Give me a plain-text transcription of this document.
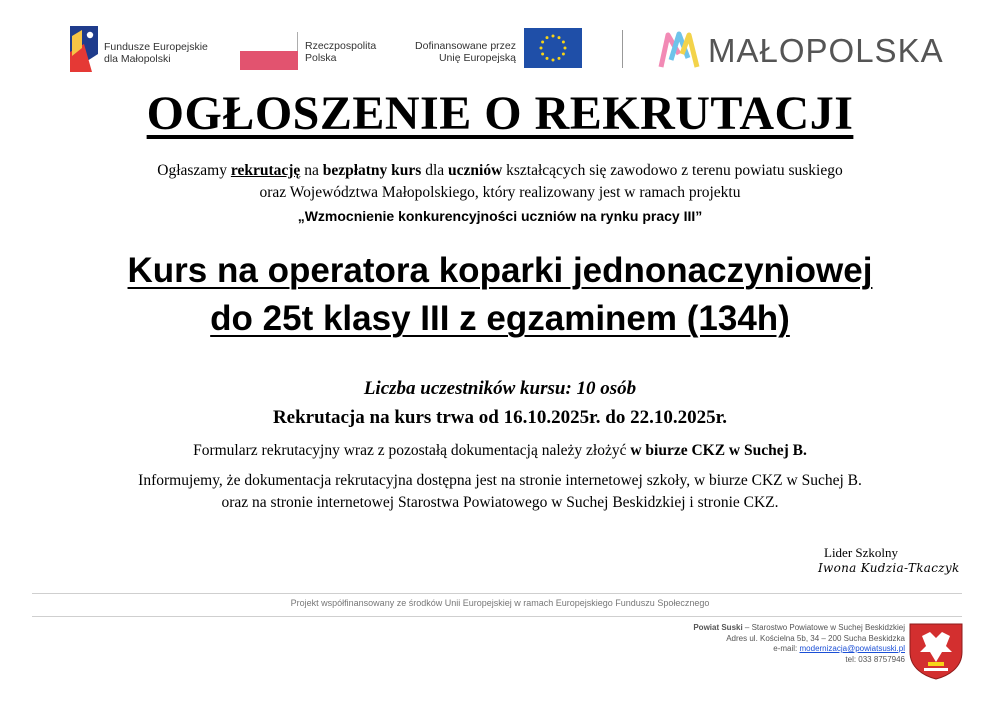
Fundusze Europejskie
dla Małopolski
Rzeczpospolita
Polska
Dofinansowane przez
Unię Europejską	MAŁOPOLSKA
OGŁOSZENIE O REKRUTACJI
Ogłaszamy rekrutację na bezpłatny kurs dla uczniów kształcących się zawodowo z terenu powiatu suskiego
oraz Województwa Małopolskiego, który realizowany jest w ramach projektu
„Wzmocnienie konkurencyjności uczniów na rynku pracy III”
Kurs na operatora koparki jednonaczyniowej
do 25t klasy III z egzaminem (134h)
Liczba uczestników kursu: 10 osób
Rekrutacja na kurs trwa od 16.10.2025r. do 22.10.2025r.
Formularz rekrutacyjny wraz z pozostałą dokumentacją należy złożyć w biurze CKZ w Suchej B.
Informujemy, że dokumentacja rekrutacyjna dostępna jest na stronie internetowej szkoły, w biurze CKZ w Suchej B.
oraz na stronie internetowej Starostwa Powiatowego w Suchej Beskidzkiej i stronie CKZ.
Lider Szkolny
Iwona Kudzia-Tkaczyk
Projekt współfinansowany ze środków Unii Europejskiej w ramach Europejskiego Funduszu Społecznego
Powiat Suski – Starostwo Powiatowe w Suchej Beskidzkiej
Adres ul. Kościelna 5b, 34 – 200 Sucha Beskidzka
e-mail: modernizacja@powiatsuski.pl
tel: 033 8757946
